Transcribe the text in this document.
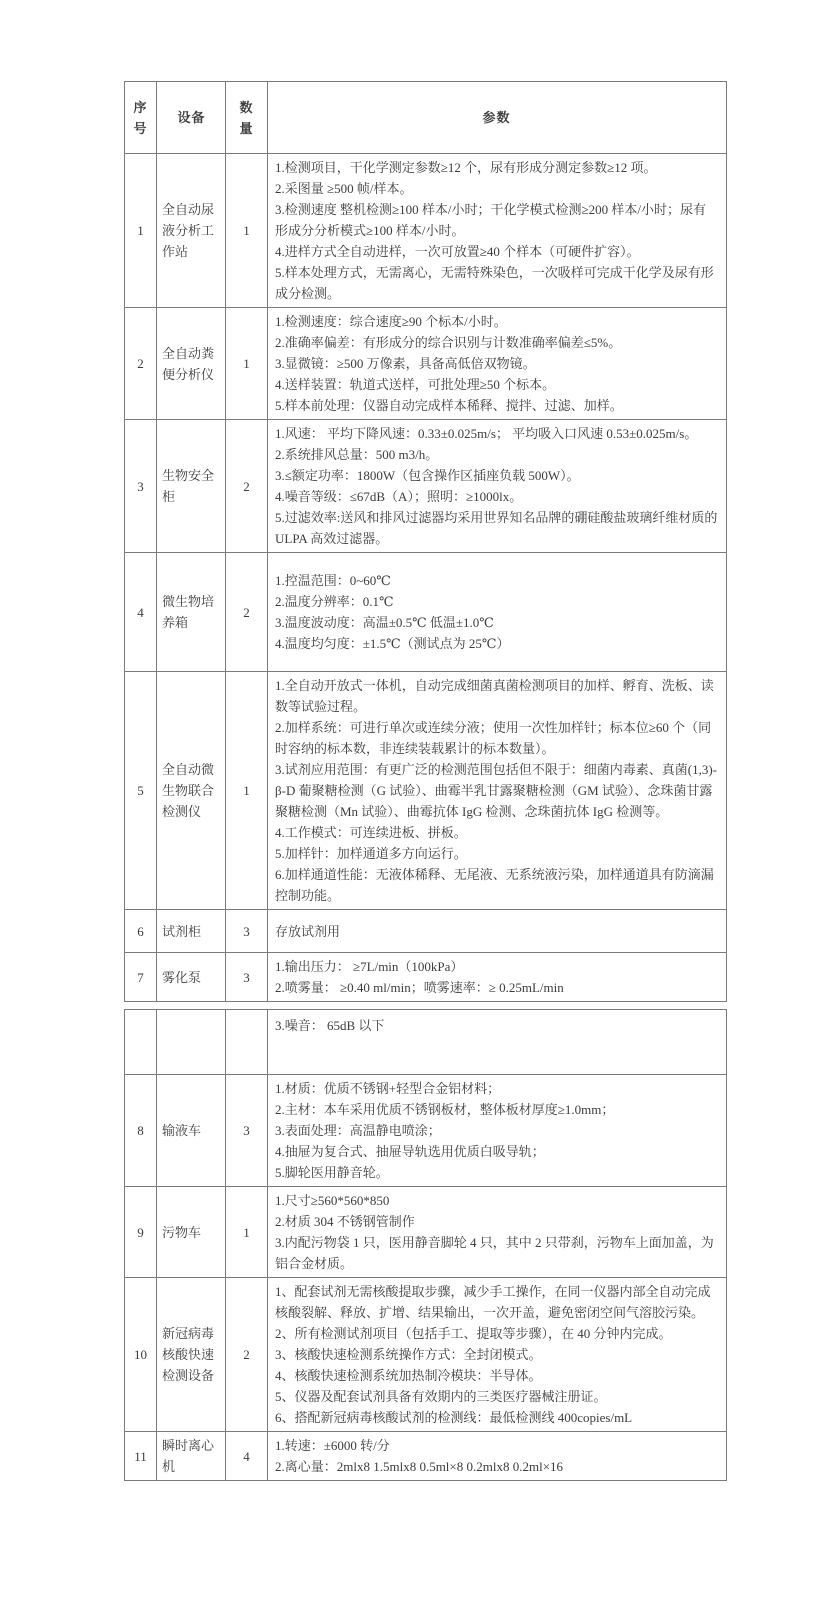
序号	设备	数量	参数
1	全自动尿液分析工作站	1	1.检测项目，干化学测定参数≥12 个，尿有形成分测定参数≥12 项。
2.采图量 ≥500 帧/样本。
3.检测速度 整机检测≥100 样本/小时；干化学模式检测≥200 样本/小时；尿有形成分分析模式≥100 样本/小时。
4.进样方式全自动进样，一次可放置≥40 个样本（可硬件扩容）。
5.样本处理方式，无需离心，无需特殊染色，一次吸样可完成干化学及尿有形成分检测。

2	全自动粪便分析仪	1	1.检测速度：综合速度≥90 个标本/小时。
2.准确率偏差：有形成分的综合识别与计数准确率偏差≤5%。
3.显微镜：≥500 万像素，具备高低倍双物镜。
4.送样装置：轨道式送样，可批处理≥50 个标本。
5.样本前处理：仪器自动完成样本稀释、搅拌、过滤、加样。

3	生物安全柜	2	1.风速： 平均下降风速：0.33±0.025m/s； 平均吸入口风速 0.53±0.025m/s。
2.系统排风总量：500 m3/h。
3.≤额定功率：1800W（包含操作区插座负载 500W）。
4.噪音等级：≤67dB（A）；照明：≥1000lx。
5.过滤效率:送风和排风过滤器均采用世界知名品牌的硼硅酸盐玻璃纤维材质的 ULPA 高效过滤器。

4	微生物培养箱	2	1.控温范围：0~60℃
2.温度分辨率：0.1℃
3.温度波动度：高温±0.5℃ 低温±1.0℃
4.温度均匀度：±1.5℃（测试点为 25℃）

5	全自动微生物联合检测仪	1	
1.全自动开放式一体机，自动完成细菌真菌检测项目的加样、孵育、洗板、读数等试验过程。
2.加样系统：可进行单次或连续分液；使用一次性加样针；标本位≥60 个（同时容纳的标本数，非连续装载累计的标本数量）。
3.试剂应用范围：有更广泛的检测范围包括但不限于：细菌内毒素、真菌(1,3)-β-D 葡聚糖检测（G 试验）、曲霉半乳甘露聚糖检测（GM 试验）、念珠菌甘露聚糖检测（Mn 试验）、曲霉抗体 IgG 检测、念珠菌抗体 IgG 检测等。
4.工作模式：可连续进板、拼板。
5.加样针：加样通道多方向运行。
6.加样通道性能：无液体稀释、无尾液、无系统液污染，加样通道具有防滴漏控制功能。

6	试剂柜	3	存放试剂用

7	雾化泵	3	1.输出压力： ≥7L/min（100kPa）
2.喷雾量： ≥0.40 ml/min；喷雾速率：≥ 0.25mL/min

			3.噪音： 65dB 以下

8	输液车	3	1.材质：优质不锈钢+轻型合金铝材料；
2.主材：本车采用优质不锈钢板材，整体板材厚度≥1.0mm；
3.表面处理：高温静电喷涂；
4.抽屉为复合式、抽屉导轨选用优质白吸导轨；
5.脚轮医用静音轮。

9	污物车	1	1.尺寸≥560*560*850
2.材质 304 不锈钢管制作
3.内配污物袋 1 只，医用静音脚轮 4 只，其中 2 只带刹，污物车上面加盖，为铝合金材质。

10	新冠病毒核酸快速检测设备	2	
1、配套试剂无需核酸提取步骤，减少手工操作，在同一仪器内部全自动完成核酸裂解、释放、扩增、结果输出，一次开盖，避免密闭空间气溶胶污染。
2、所有检测试剂项目（包括手工、提取等步骤），在 40 分钟内完成。
3、核酸快速检测系统操作方式：全封闭模式。
4、核酸快速检测系统加热制冷模块：半导体。
5、仪器及配套试剂具备有效期内的三类医疗器械注册证。
6、搭配新冠病毒核酸试剂的检测线：最低检测线 400copies/mL

11	瞬时离心机	4	1.转速：±6000 转/分
2.离心量：2mlx8 1.5mlx8 0.5ml×8 0.2mlx8 0.2ml×16
